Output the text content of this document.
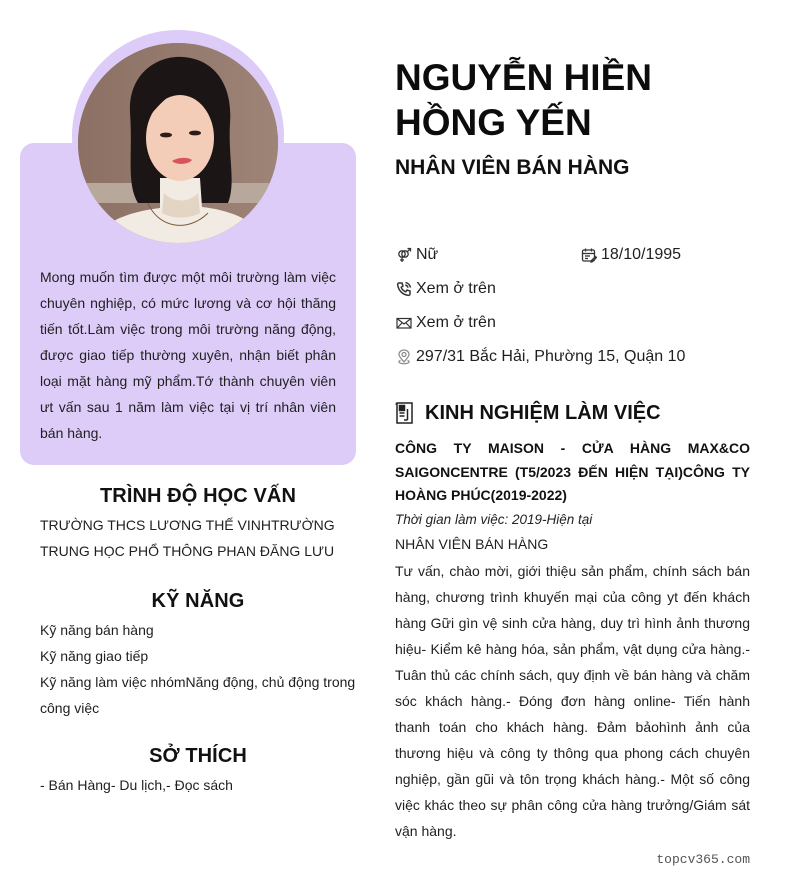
Mong muốn tìm được một môi trường làm việc chuyên nghiệp, có mức lương và cơ hội thăng tiến tốt.Làm việc trong môi trường năng động, được giao tiếp thường xuyên, nhận biết phân loại mặt hàng mỹ phẩm.Tớ thành chuyên viên ưt vấn sau 1 năm làm việc tại vị trí nhân viên bán hàng.

TRÌNH ĐỘ HỌC VẤN

TRƯỜNG THCS LƯƠNG THẾ VINHTRƯỜNG TRUNG HỌC PHỔ THÔNG PHAN ĐĂNG LƯU

KỸ NĂNG
Kỹ năng bán hàng
Kỹ năng giao tiếp
Kỹ năng làm việc nhómNăng động, chủ động trong công việc
SỞ THÍCH

- Bán Hàng- Du lịch,- Đọc sách

NGUYỄN HIỀN HỒNG YẾN
NHÂN VIÊN BÁN HÀNG
Nữ	18/10/1995
Xem ở trên
Xem ở trên
297/31 Bắc Hải, Phường 15, Quận 10
KINH NGHIỆM LÀM VIỆC
CÔNG TY MAISON - CỬA HÀNG MAX&CO SAIGONCENTRE (T5/2023 ĐẾN HIỆN TẠI)CÔNG TY HOÀNG PHÚC(2019-2022)
Thời gian làm việc: 2019-Hiện tại
NHÂN VIÊN BÁN HÀNG

Tư vấn, chào mời, giới thiệu sản phẩm, chính sách bán hàng, chương trình khuyến mại của công yt đến khách hàng Gữi gìn vệ sinh cửa hàng, duy trì hình ảnh thương hiệu- Kiểm kê hàng hóa, sản phẩm, vật dụng cửa hàng.- Tuân thủ các chính sách, quy định về bán hàng và chăm sóc khách hàng.- Đóng đơn hàng online- Tiến hành thanh toán cho khách hàng. Đảm bảohình ảnh của thương hiệu và công ty thông qua phong cách chuyên nghiệp, gần gũi và tôn trọng khách hàng.- Một số công việc khác theo sự phân công cửa hàng trưởng/Giám sát vận hàng.

topcv365.com
